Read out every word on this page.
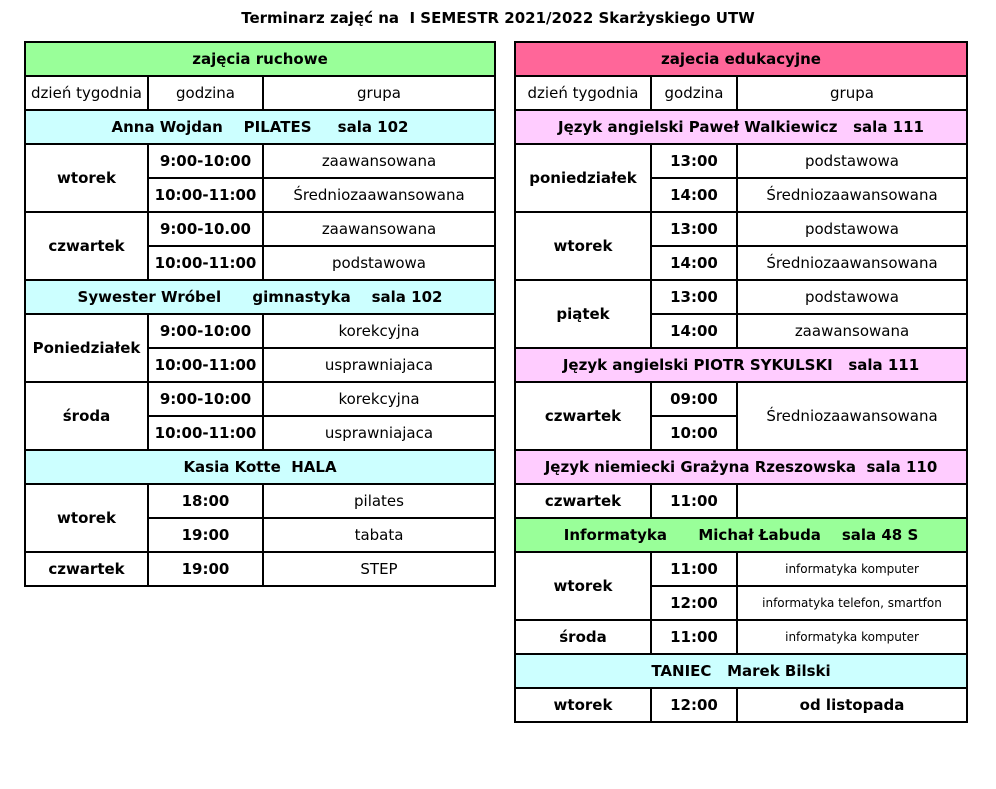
Terminarz zajęć na  I SEMESTR 2021/2022 Skarżyskiego UTW
zajęcia ruchowe		
dzień tygodnia	godzina	grupa
Anna Wojdan    PILATES     sala 102		
wtorek	9:00-10:00	zaawansowana
	10:00-11:00	Średniozaawansowana
czwartek	9:00-10.00	zaawansowana
	10:00-11:00	podstawowa
Sywester Wróbel      gimnastyka    sala 102		
Poniedziałek	9:00-10:00	korekcyjna
	10:00-11:00	usprawniajaca
środa	9:00-10:00	korekcyjna
	10:00-11:00	usprawniajaca
Kasia Kotte  HALA		
wtorek	18:00	pilates
	19:00	tabata
czwartek	19:00	STEP
zajecia edukacyjne		
dzień tygodnia	godzina	grupa
Język angielski Paweł Walkiewicz   sala 111		
poniedziałek	13:00	podstawowa
	14:00	Średniozaawansowana
wtorek	13:00	podstawowa
	14:00	Średniozaawansowana
piątek	13:00	podstawowa
	14:00	zaawansowana
Język angielski PIOTR SYKULSKI   sala 111		
czwartek	09:00	Średniozaawansowana
	10:00	
Język niemiecki Grażyna Rzeszowska  sala 110		
czwartek	11:00	
Informatyka      Michał Łabuda    sala 48 S		
wtorek	11:00	informatyka komputer
	12:00	informatyka telefon, smartfon
środa	11:00	informatyka komputer
TANIEC   Marek Bilski		
wtorek	12:00	od listopada
